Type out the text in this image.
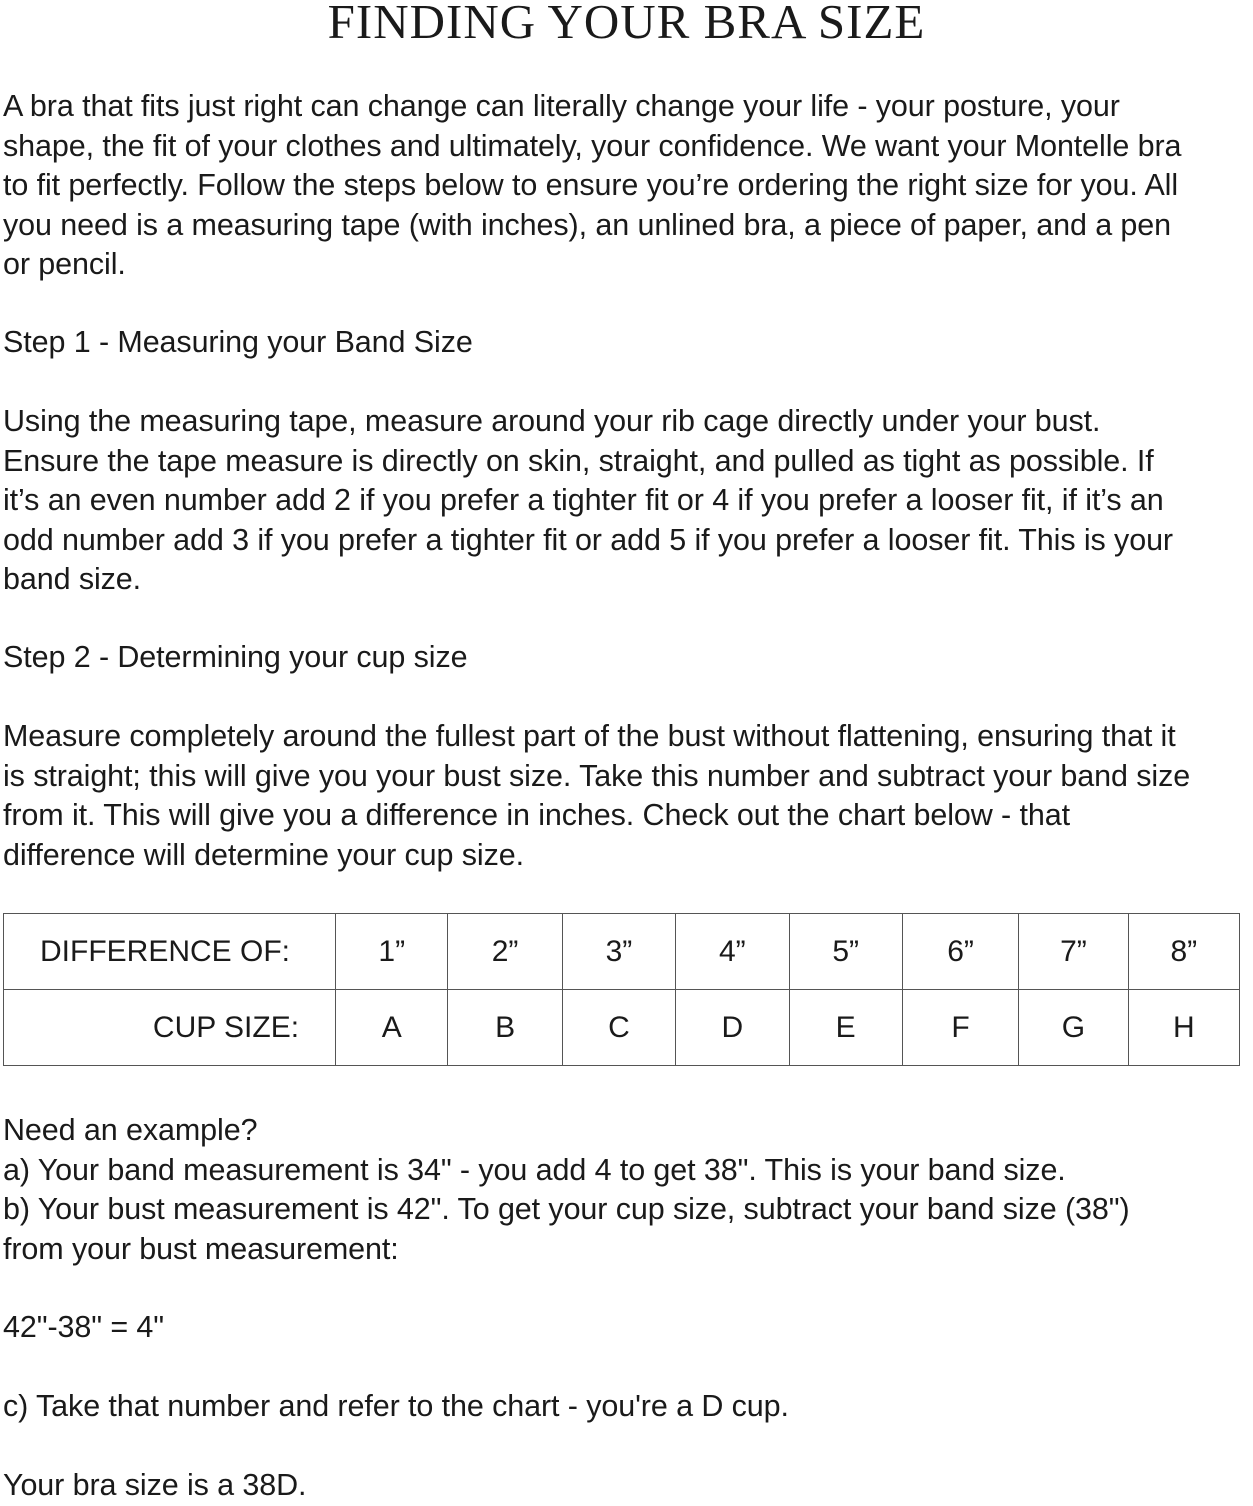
FINDING YOUR BRA SIZE

A bra that fits just right can change can literally change your life - your posture, your
shape, the fit of your clothes and ultimately, your confidence. We want your Montelle bra
to fit perfectly. Follow the steps below to ensure you’re ordering the right size for you. All
you need is a measuring tape (with inches), an unlined bra, a piece of paper, and a pen
or pencil.

Step 1 - Measuring your Band Size

Using the measuring tape, measure around your rib cage directly under your bust.
Ensure the tape measure is directly on skin, straight, and pulled as tight as possible. If
it’s an even number add 2 if you prefer a tighter fit or 4 if you prefer a looser fit, if it’s an
odd number add 3 if you prefer a tighter fit or add 5 if you prefer a looser fit. This is your
band size.

Step 2 - Determining your cup size

Measure completely around the fullest part of the bust without flattening, ensuring that it
is straight; this will give you your bust size. Take this number and subtract your band size
from it. This will give you a difference in inches. Check out the chart below - that
difference will determine your cup size.

DIFFERENCE OF:	1”	2”	3”	4”	5”	6”	7”	8”
CUP SIZE:	A	B	C	D	E	F	G	H

Need an example?
a) Your band measurement is 34" - you add 4 to get 38". This is your band size.
b) Your bust measurement is 42". To get your cup size, subtract your band size (38")
from your bust measurement:

42"-38" = 4"

c) Take that number and refer to the chart - you're a D cup.

Your bra size is a 38D.
